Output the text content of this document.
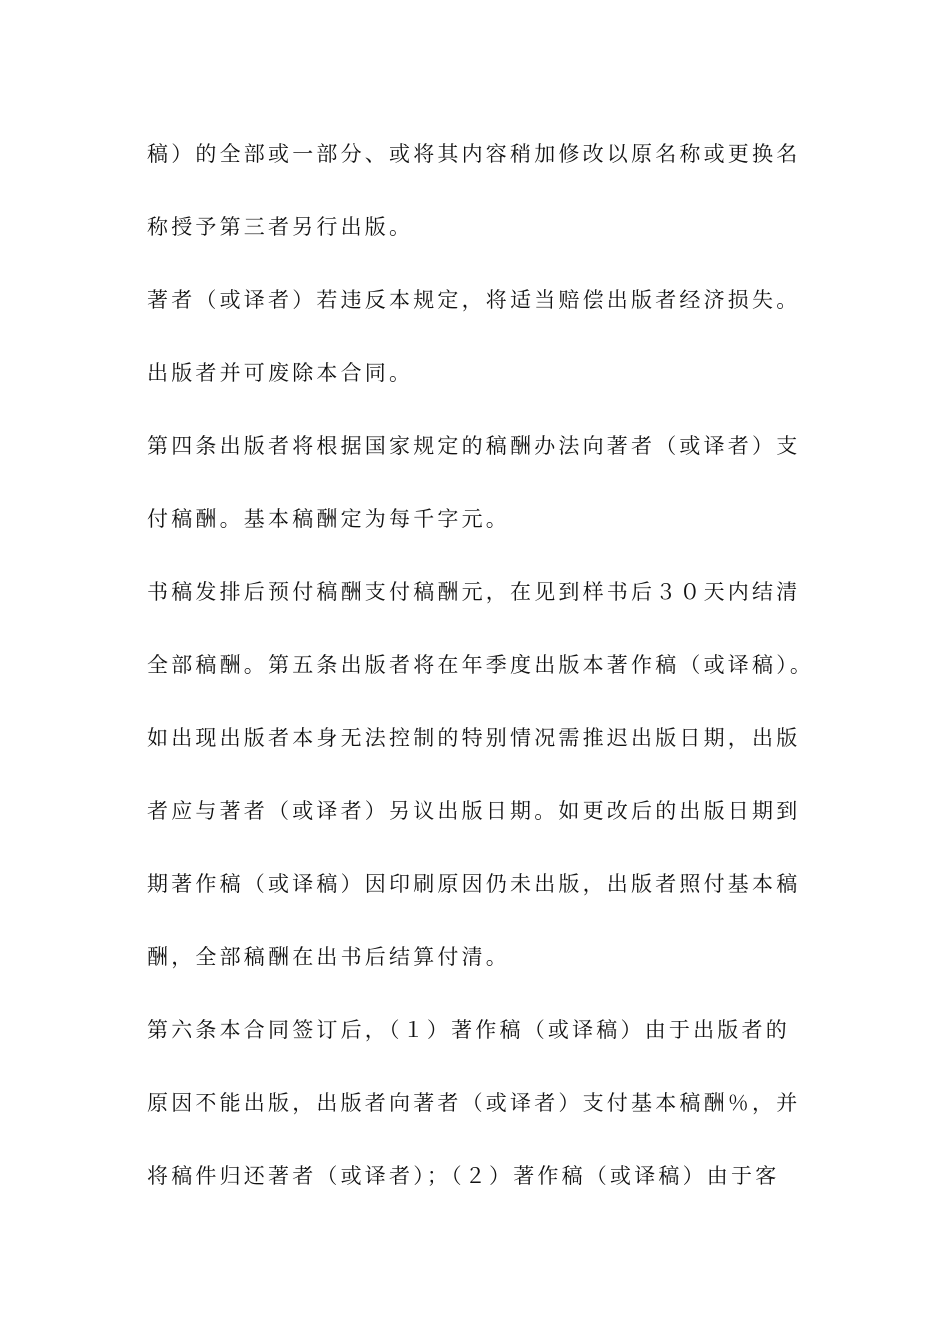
稿）的全部或一部分、或将其内容稍加修改以原名称或更换名
称授予第三者另行出版。
著者（或译者）若违反本规定，将适当赔偿出版者经济损失。
出版者并可废除本合同。
第四条出版者将根据国家规定的稿酬办法向著者（或译者）支
付稿酬。基本稿酬定为每千字元。
书稿发排后预付稿酬支付稿酬元，在见到样书后３０天内结清
全部稿酬。第五条出版者将在年季度出版本著作稿（或译稿）。
如出现出版者本身无法控制的特别情况需推迟出版日期，出版
者应与著者（或译者）另议出版日期。如更改后的出版日期到
期著作稿（或译稿）因印刷原因仍未出版，出版者照付基本稿
酬，全部稿酬在出书后结算付清。
第六条本合同签订后，（１）著作稿（或译稿）由于出版者的
原因不能出版，出版者向著者（或译者）支付基本稿酬％，并
将稿件归还著者（或译者）；（２）著作稿（或译稿）由于客
